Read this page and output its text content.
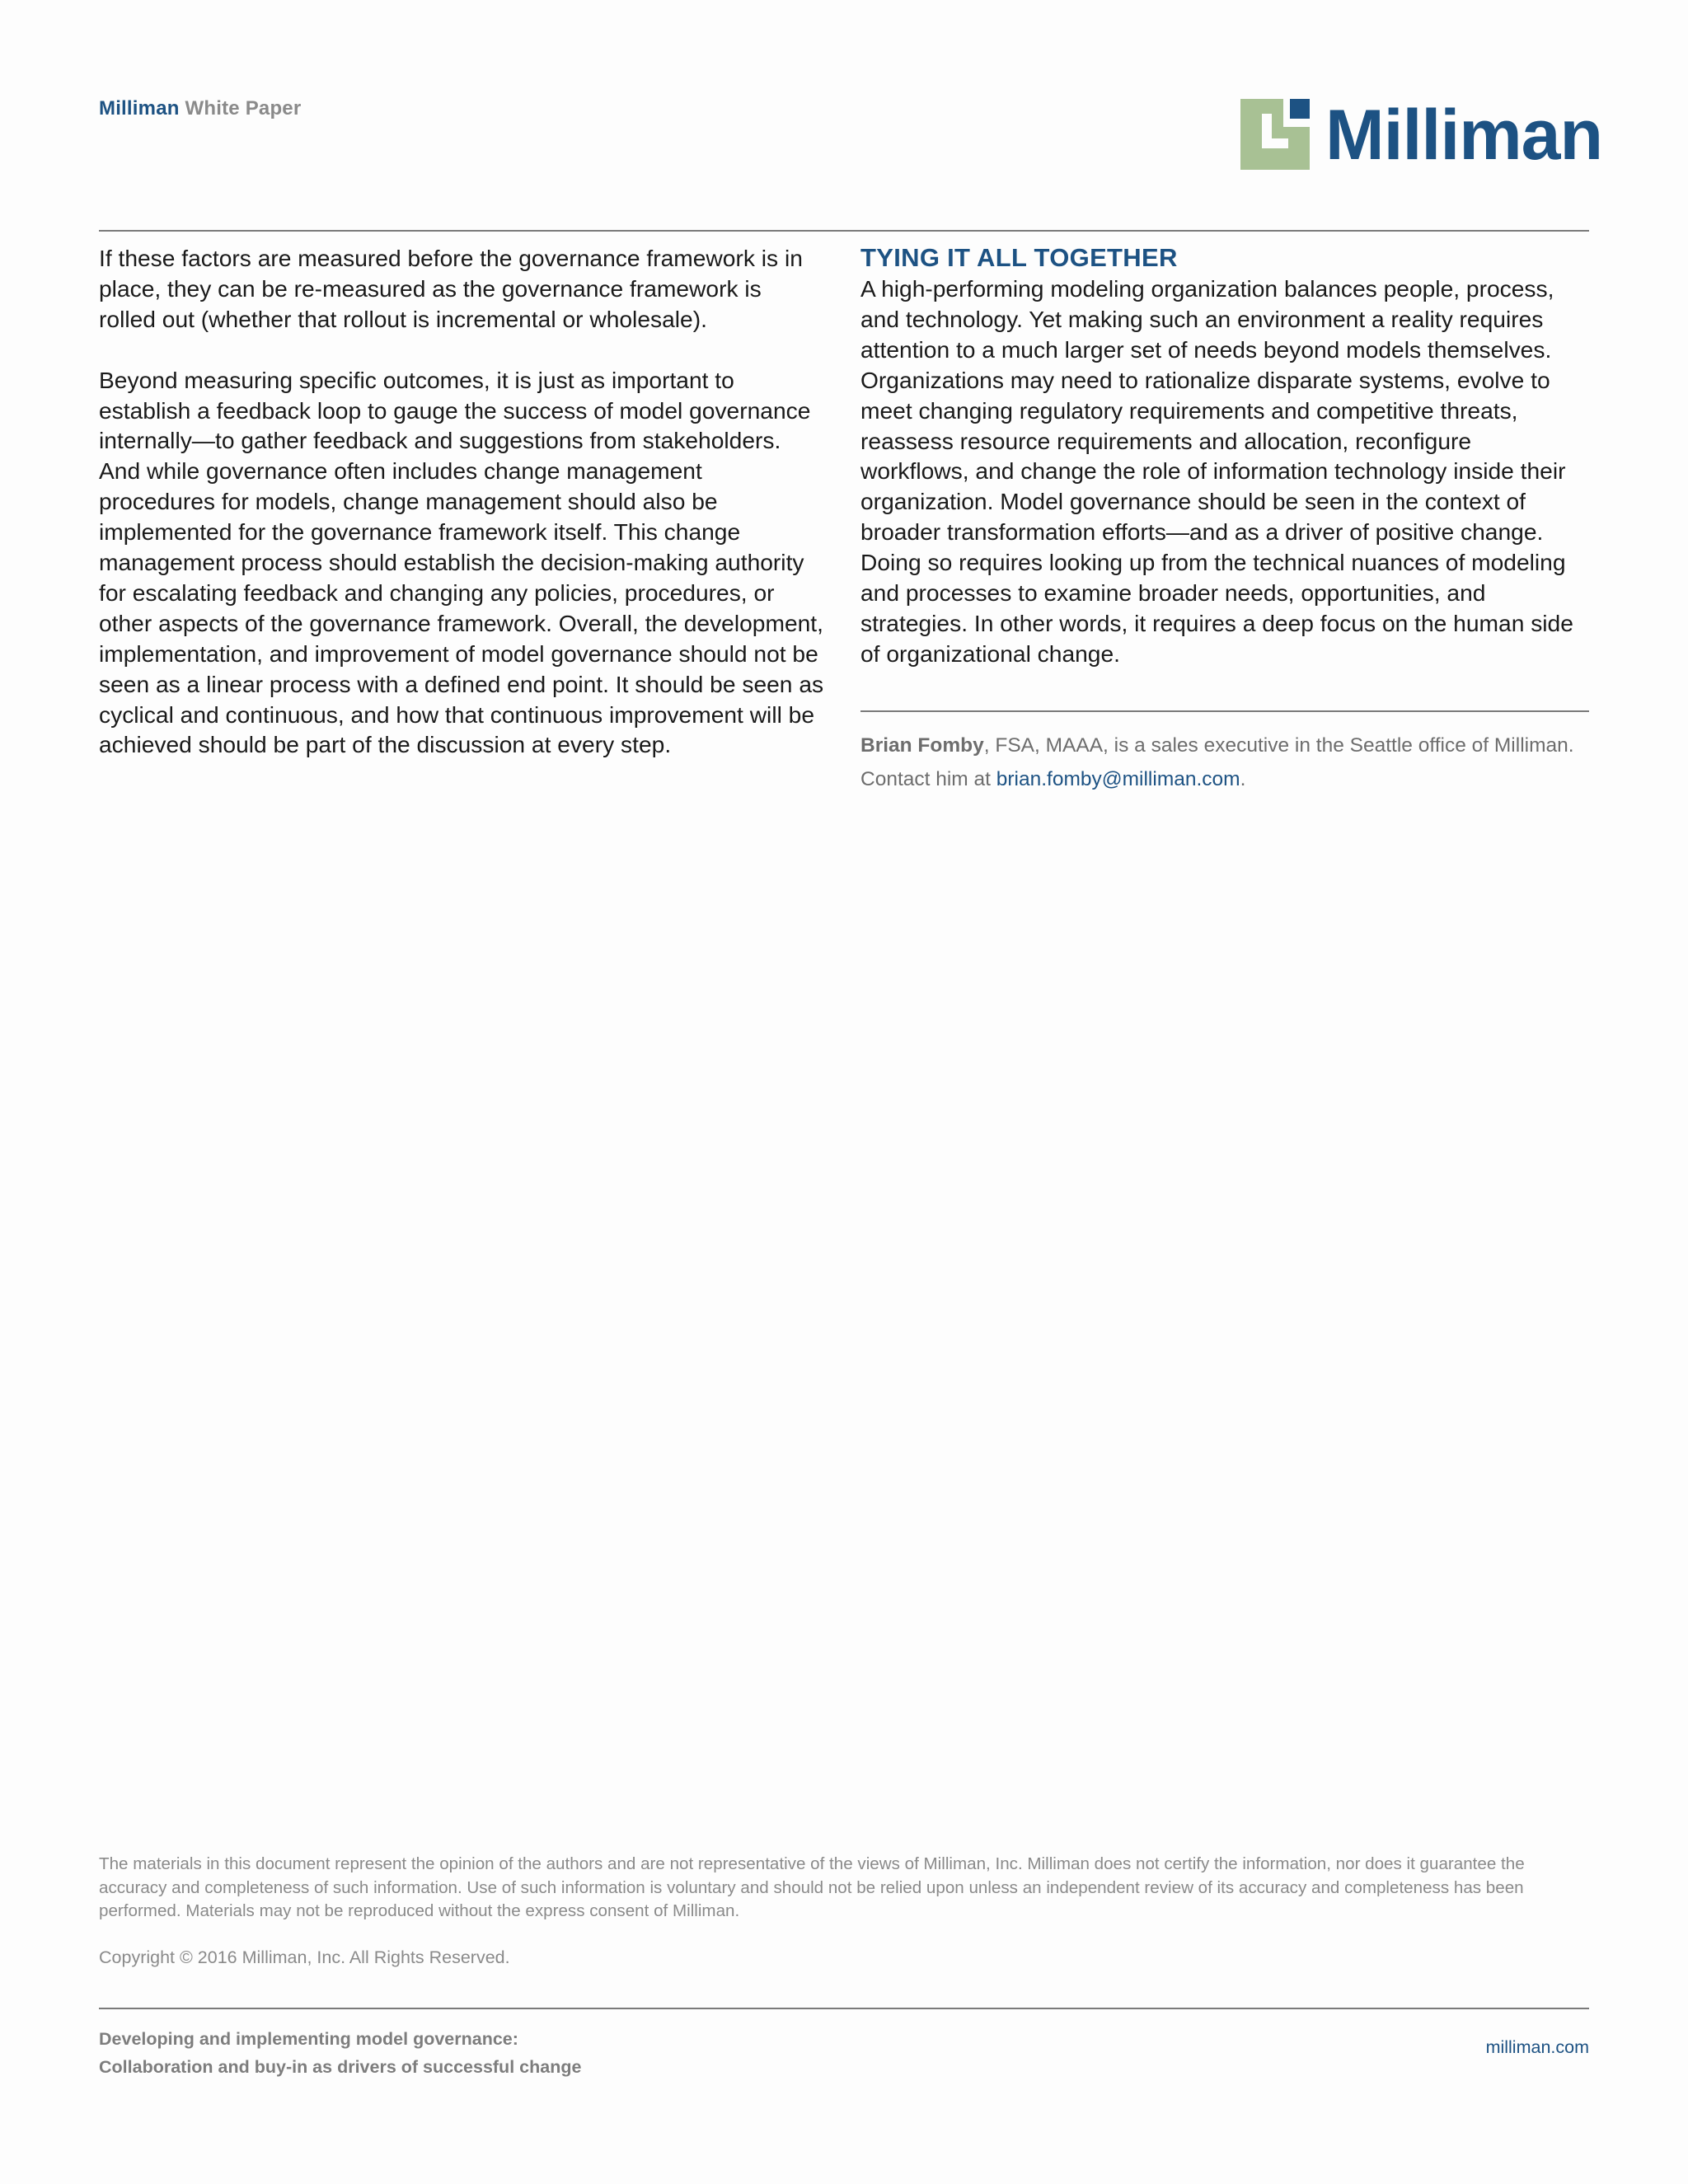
Milliman White Paper	Milliman

If these factors are measured before the governance framework is in place, they can be re-measured as the governance framework is rolled out (whether that rollout is incremental or wholesale).

Beyond measuring specific outcomes, it is just as important to establish a feedback loop to gauge the success of model governance internally—to gather feedback and suggestions from stakeholders. And while governance often includes change management procedures for models, change management should also be implemented for the governance framework itself. This change management process should establish the decision-making authority for escalating feedback and changing any policies, procedures, or other aspects of the governance framework. Overall, the development, implementation, and improvement of model governance should not be seen as a linear process with a defined end point. It should be seen as cyclical and continuous, and how that continuous improvement will be achieved should be part of the discussion at every step.

TYING IT ALL TOGETHER

A high-performing modeling organization balances people, process, and technology. Yet making such an environment a reality requires attention to a much larger set of needs beyond models themselves. Organizations may need to rationalize disparate systems, evolve to meet changing regulatory requirements and competitive threats, reassess resource requirements and allocation, reconfigure workflows, and change the role of information technology inside their organization. Model governance should be seen in the context of broader transformation efforts—and as a driver of positive change. Doing so requires looking up from the technical nuances of modeling and processes to examine broader needs, opportunities, and strategies. In other words, it requires a deep focus on the human side of organizational change.

Brian Fomby, FSA, MAAA, is a sales executive in the Seattle office of Milliman. Contact him at brian.fomby@milliman.com.
The materials in this document represent the opinion of the authors and are not representative of the views of Milliman, Inc. Milliman does not certify the information, nor does it guarantee the accuracy and completeness of such information. Use of such information is voluntary and should not be relied upon unless an independent review of its accuracy and completeness has been performed. Materials may not be reproduced without the express consent of Milliman.
Copyright © 2016 Milliman, Inc. All Rights Reserved.
Developing and implementing model governance:
Collaboration and buy-in as drivers of successful change
milliman.com
